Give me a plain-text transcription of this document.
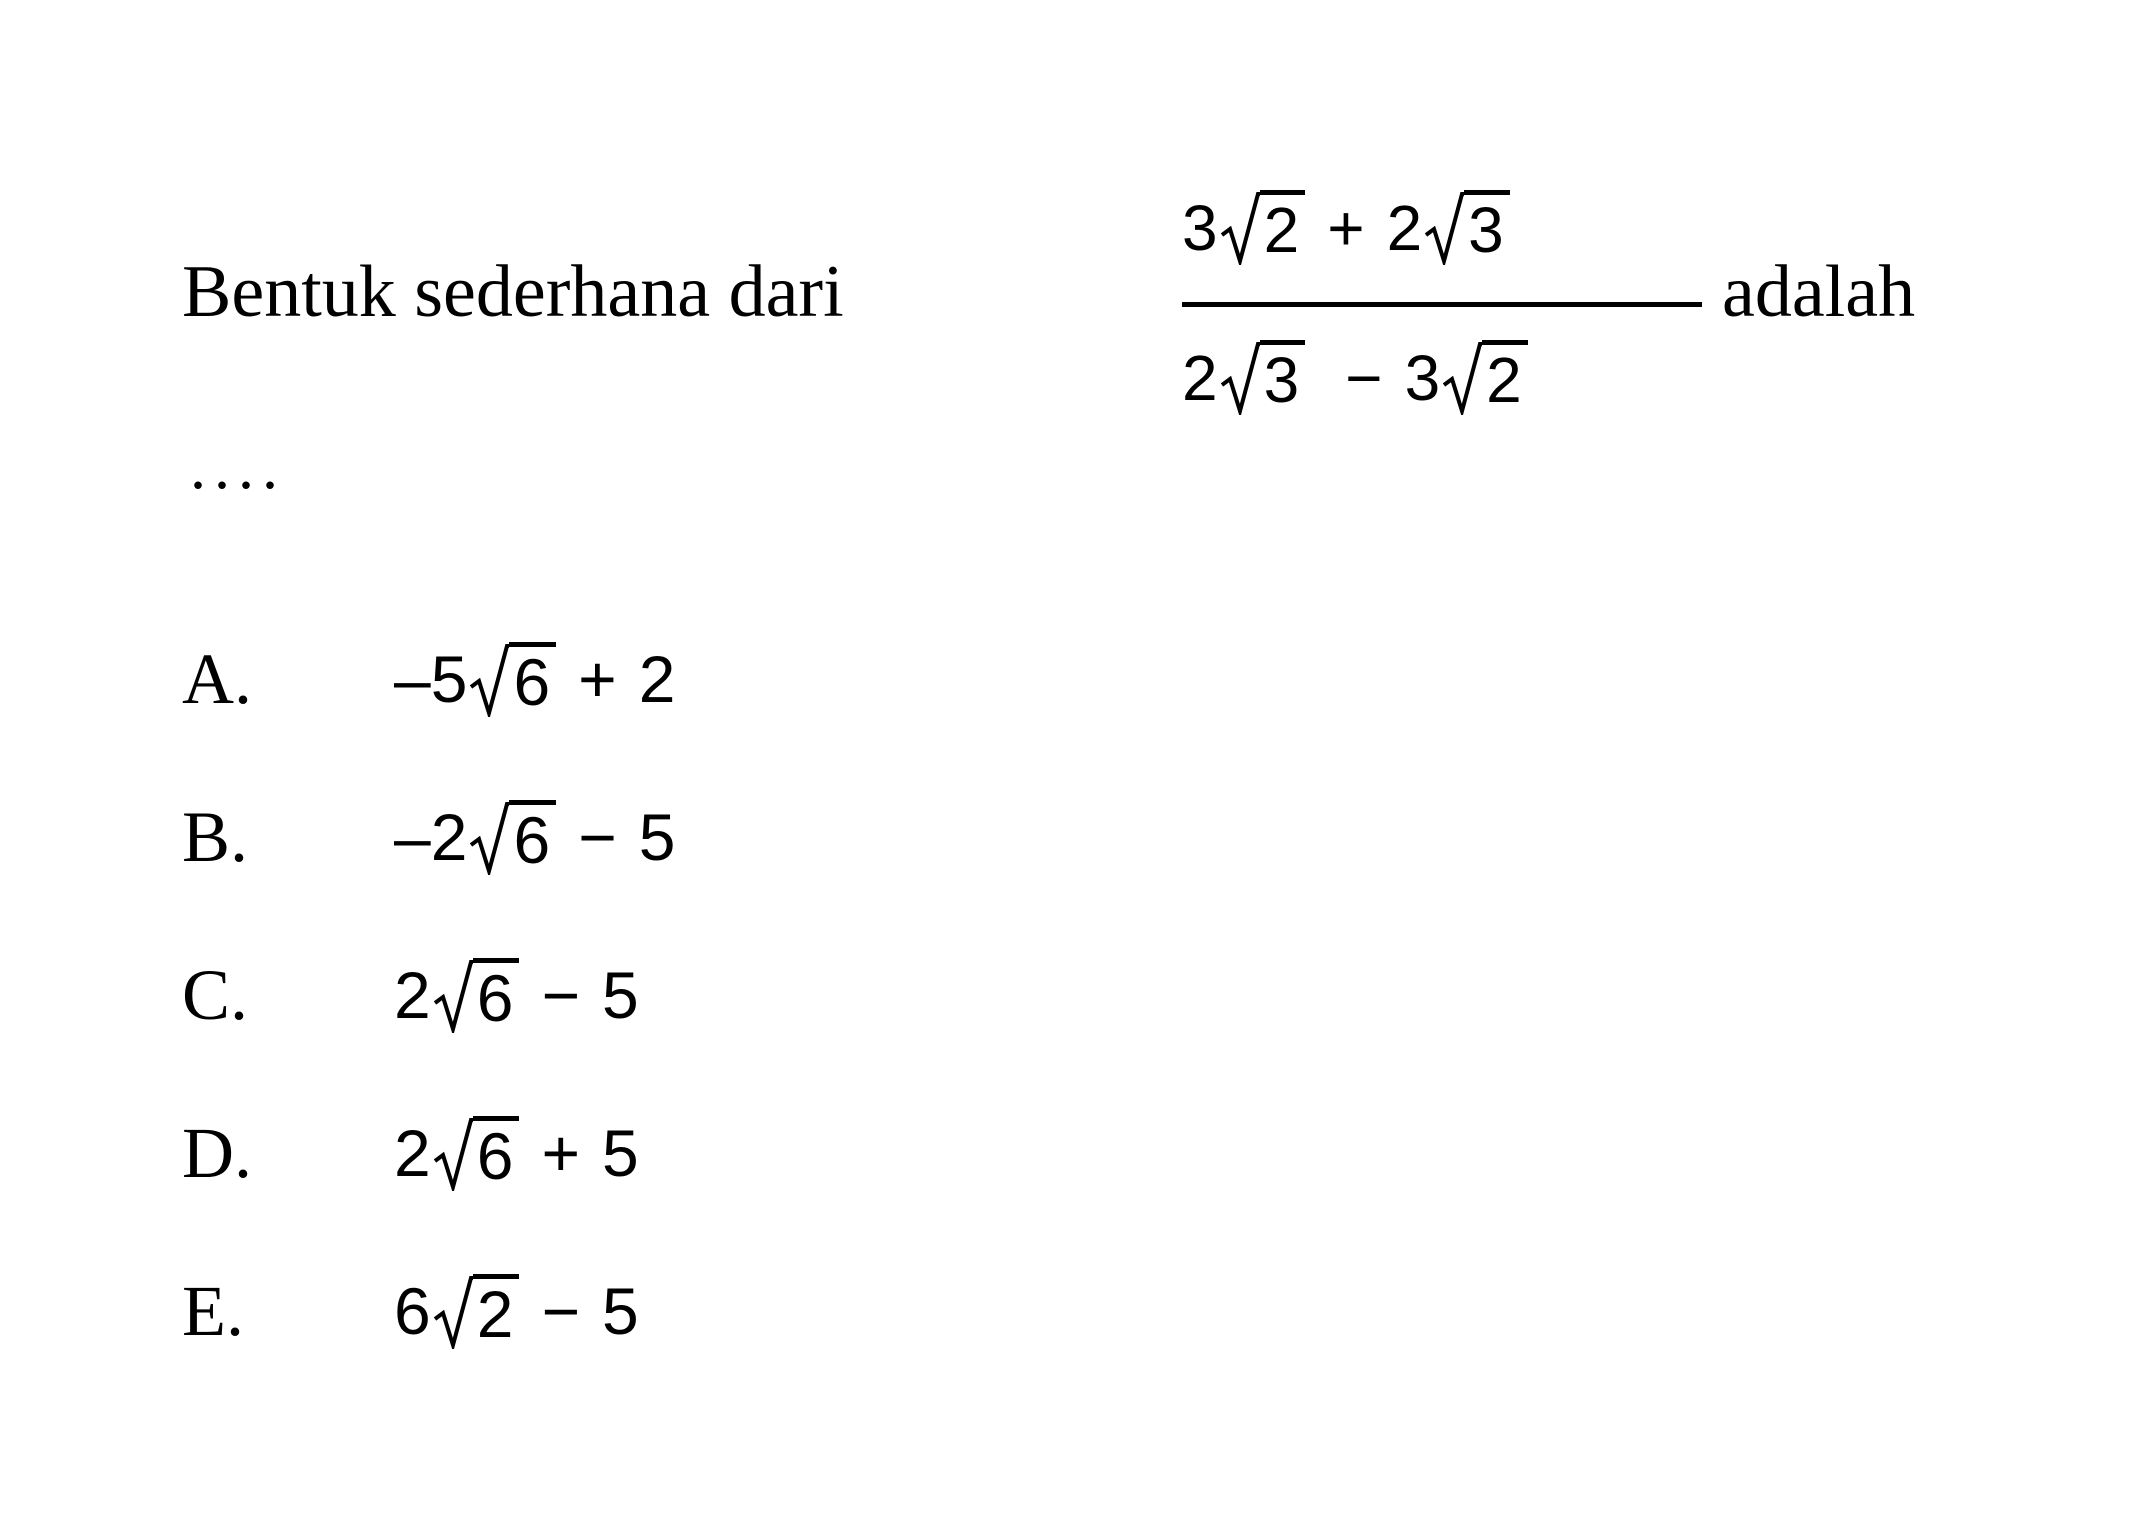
Bentuk sederhana dari
3 2 + 2 3
2 3 − 3 2
adalah
....
A.	– 5 6 + 2
B.	– 2 6 − 5
C.	2 6 − 5
D.	2 6 + 5
E.	6 2 − 5
